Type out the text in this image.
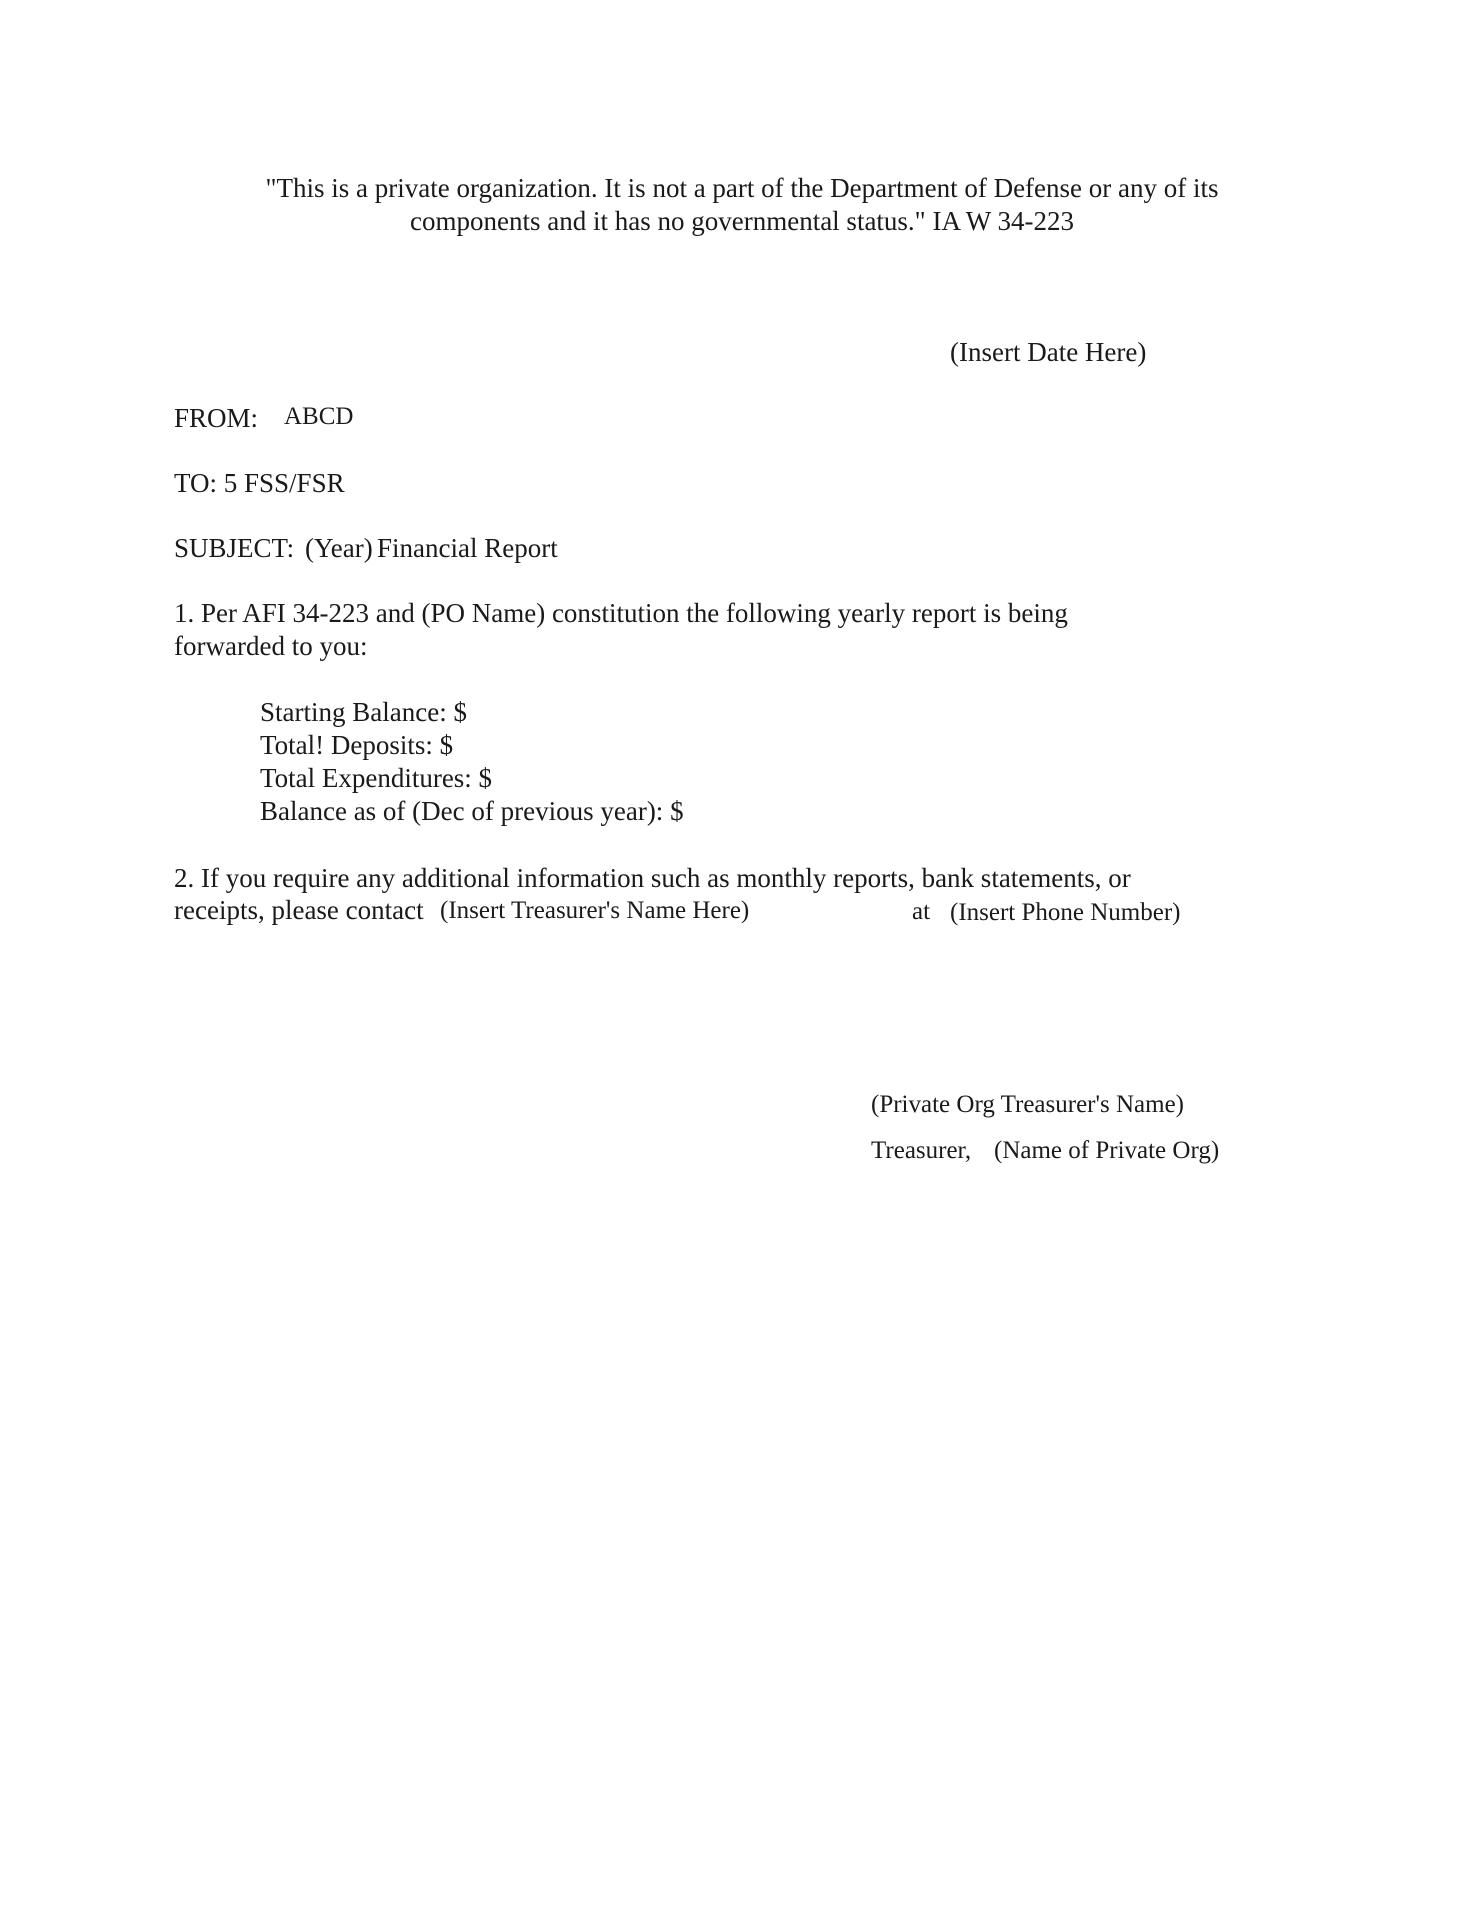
"This is a private organization. It is not a part of the Department of Defense or any of its
components and it has no governmental status." IA W 34-223
(Insert Date Here)
FROM: ABCD
TO: 5 FSS/FSR
SUBJECT: (Year) Financial Report
1. Per AFI 34-223 and (PO Name) constitution the following yearly report is being
forwarded to you:
Starting Balance: $
Total! Deposits: $
Total Expenditures: $
Balance as of (Dec of previous year): $
2. If you require any additional information such as monthly reports, bank statements, or
receipts, please contact (Insert Treasurer's Name Here)	at (Insert Phone Number)
(Private Org Treasurer's Name)
Treasurer, (Name of Private Org)
